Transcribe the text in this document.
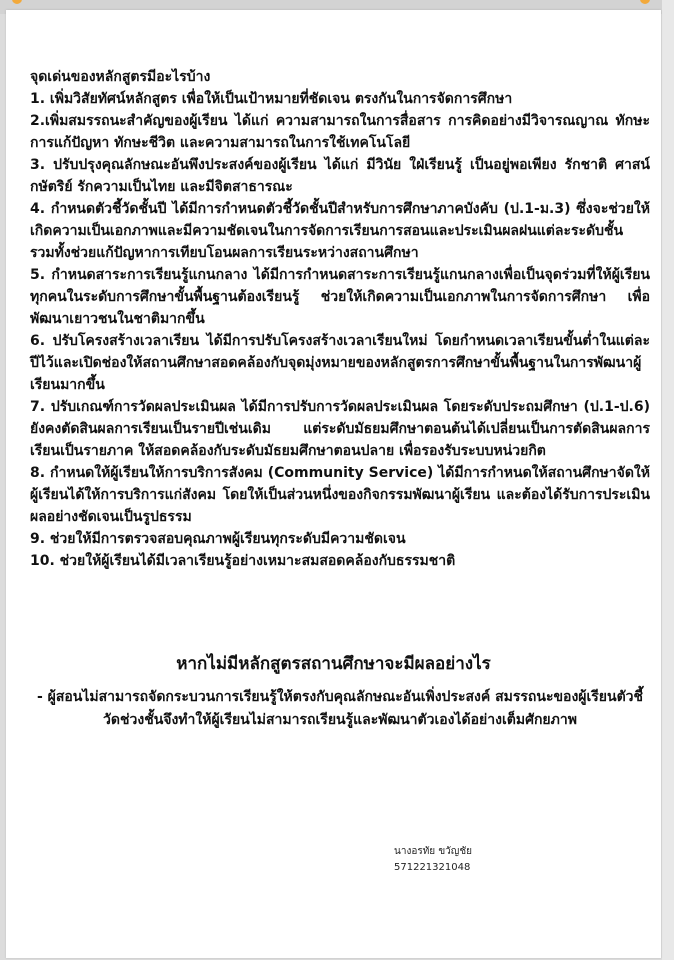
จุดเด่นของหลักสูตรมีอะไรบ้าง

1. เพิ่มวิสัยทัศน์หลักสูตร เพื่อให้เป็นเป้าหมายที่ชัดเจน ตรงกันในการจัดการศึกษา

2.เพิ่มสมรรถนะสำคัญของผู้เรียน ได้แก่ ความสามารถในการสื่อสาร การคิดอย่างมีวิจารณญาณ ทักษะการแก้ปัญหา ทักษะชีวิต และความสามารถในการใช้เทคโนโลยี

3. ปรับปรุงคุณลักษณะอันพึงประสงค์ของผู้เรียน ได้แก่ มีวินัย ใฝ่เรียนรู้ เป็นอยู่พอเพียง รักชาติ ศาสน์ กษัตริย์ รักความเป็นไทย และมีจิตสาธารณะ

4. กำหนดตัวชี้วัดชั้นปี ได้มีการกำหนดตัวชี้วัดชั้นปีสำหรับการศึกษาภาคบังคับ (ป.1-ม.3) ซึ่งจะช่วยให้เกิดความเป็นเอกภาพและมีความชัดเจนในการจัดการเรียนการสอนและประเมินผลฝนแต่ละระดับชั้น รวมทั้งช่วยแก้ปัญหาการเทียบโอนผลการเรียนระหว่างสถานศึกษา

5. กำหนดสาระการเรียนรู้แกนกลาง ได้มีการกำหนดสาระการเรียนรู้แกนกลางเพื่อเป็นจุดร่วมที่ให้ผู้เรียนทุกคนในระดับการศึกษาขั้นพื้นฐานต้องเรียนรู้ ช่วยให้เกิดความเป็นเอกภาพในการจัดการศึกษา เพื่อพัฒนาเยาวชนในชาติมากขึ้น

6. ปรับโครงสร้างเวลาเรียน ได้มีการปรับโครงสร้างเวลาเรียนใหม่ โดยกำหนดเวลาเรียนขั้นต่ำในแต่ละปีไว้และเปิดช่องให้สถานศึกษาสอดคล้องกับจุดมุ่งหมายของหลักสูตรการศึกษาขั้นพื้นฐานในการพัฒนาผู้เรียนมากขึ้น

7. ปรับเกณฑ์การวัดผลประเมินผล ได้มีการปรับการวัดผลประเมินผล โดยระดับประถมศึกษา (ป.1-ป.6) ยังคงตัดสินผลการเรียนเป็นรายปีเช่นเดิม แต่ระดับมัธยมศึกษาตอนต้นได้เปลี่ยนเป็นการตัดสินผลการเรียนเป็นรายภาค ให้สอดคล้องกับระดับมัธยมศึกษาตอนปลาย เพื่อรองรับระบบหน่วยกิต

8. กำหนดให้ผู้เรียนให้การบริการสังคม (Community Service) ได้มีการกำหนดให้สถานศึกษาจัดให้ผู้เรียนได้ให้การบริการแก่สังคม โดยให้เป็นส่วนหนึ่งของกิจกรรมพัฒนาผู้เรียน และต้องได้รับการประเมินผลอย่างชัดเจนเป็นรูปธรรม

9. ช่วยให้มีการตรวจสอบคุณภาพผู้เรียนทุกระดับมีความชัดเจน

10. ช่วยให้ผู้เรียนได้มีเวลาเรียนรู้อย่างเหมาะสมสอดคล้องกับธรรมชาติ

หากไม่มีหลักสูตรสถานศึกษาจะมีผลอย่างไร

- ผู้สอนไม่สามารถจัดกระบวนการเรียนรู้ให้ตรงกับคุณลักษณะอันเพิ่งประสงค์ สมรรถนะของผู้เรียนตัวชี้วัดช่วงชั้นจึงทำให้ผู้เรียนไม่สามารถเรียนรู้และพัฒนาตัวเองได้อย่างเต็มศักยภาพ

นางอรทัย ขวัญชัย
571221321048
